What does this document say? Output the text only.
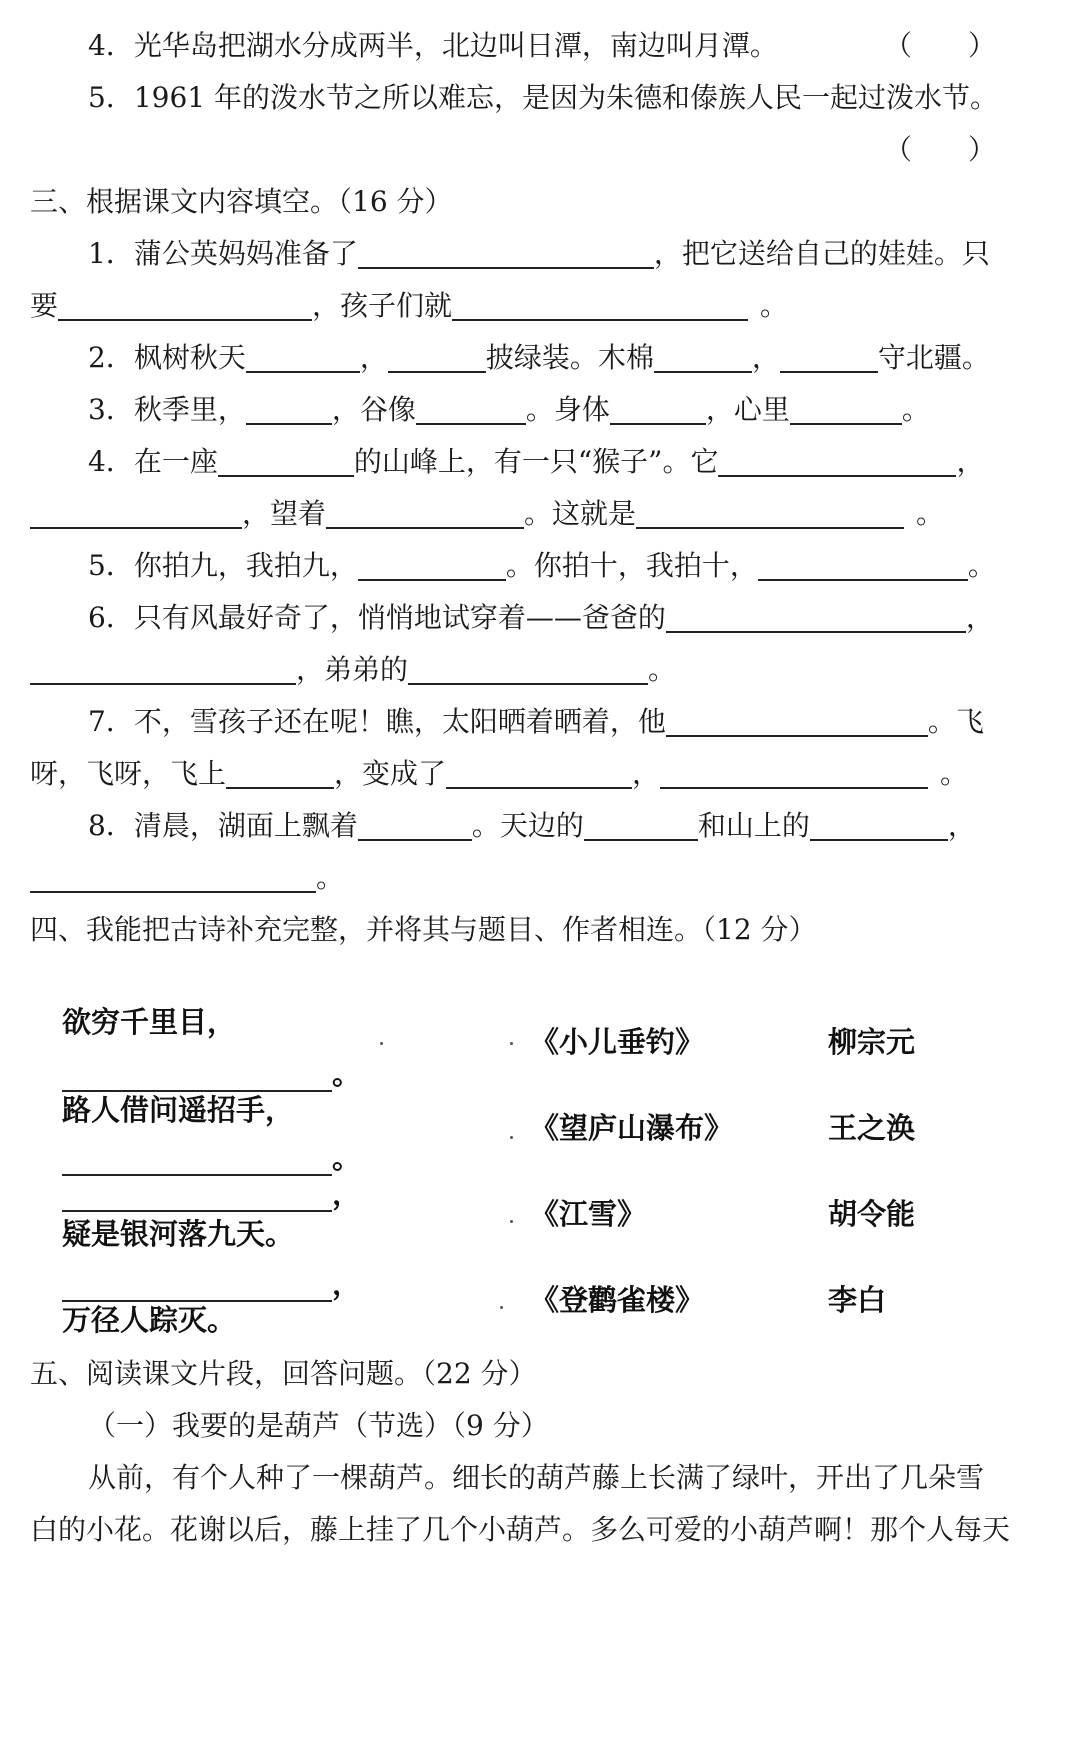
4．光华岛把湖水分成两半，北边叫日潭，南边叫月潭。	（　　）
5．1961 年的泼水节之所以难忘，是因为朱德和傣族人民一起过泼水节。
（　　）
三、根据课文内容填空。（16 分）
1．蒲公英妈妈准备了	，把它送给自己的娃娃。只
要	，孩子们就	。
2．枫树秋天	，	披绿装。木棉	，	守北疆。
3．秋季里，	，谷像	。身体	，心里	。
4．在一座	的山峰上，有一只“猴子”。它	，
，望着	。这就是	。
5．你拍九，我拍九，	。你拍十，我拍十，	。
6．只有风最好奇了，悄悄地试穿着——爸爸的	，
，弟弟的	。
7．不，雪孩子还在呢！瞧，太阳晒着晒着，他	。飞
呀，飞呀，飞上	，变成了	，	。
8．清晨，湖面上飘着	。天边的	和山上的	，
。
四、我能把古诗补充完整，并将其与题目、作者相连。（12 分）
欲穷千里目，
。
路人借问遥招手，
。
，
疑是银河落九天。
，
万径人踪灭。
《小儿垂钓》
《望庐山瀑布》
《江雪》
《登鹳雀楼》
柳宗元
王之涣
胡令能
李白
五、阅读课文片段，回答问题。（22 分）
（一）我要的是葫芦（节选）（9 分）
从前，有个人种了一棵葫芦。细长的葫芦藤上长满了绿叶，开出了几朵雪
白的小花。花谢以后，藤上挂了几个小葫芦。多么可爱的小葫芦啊！那个人每天
